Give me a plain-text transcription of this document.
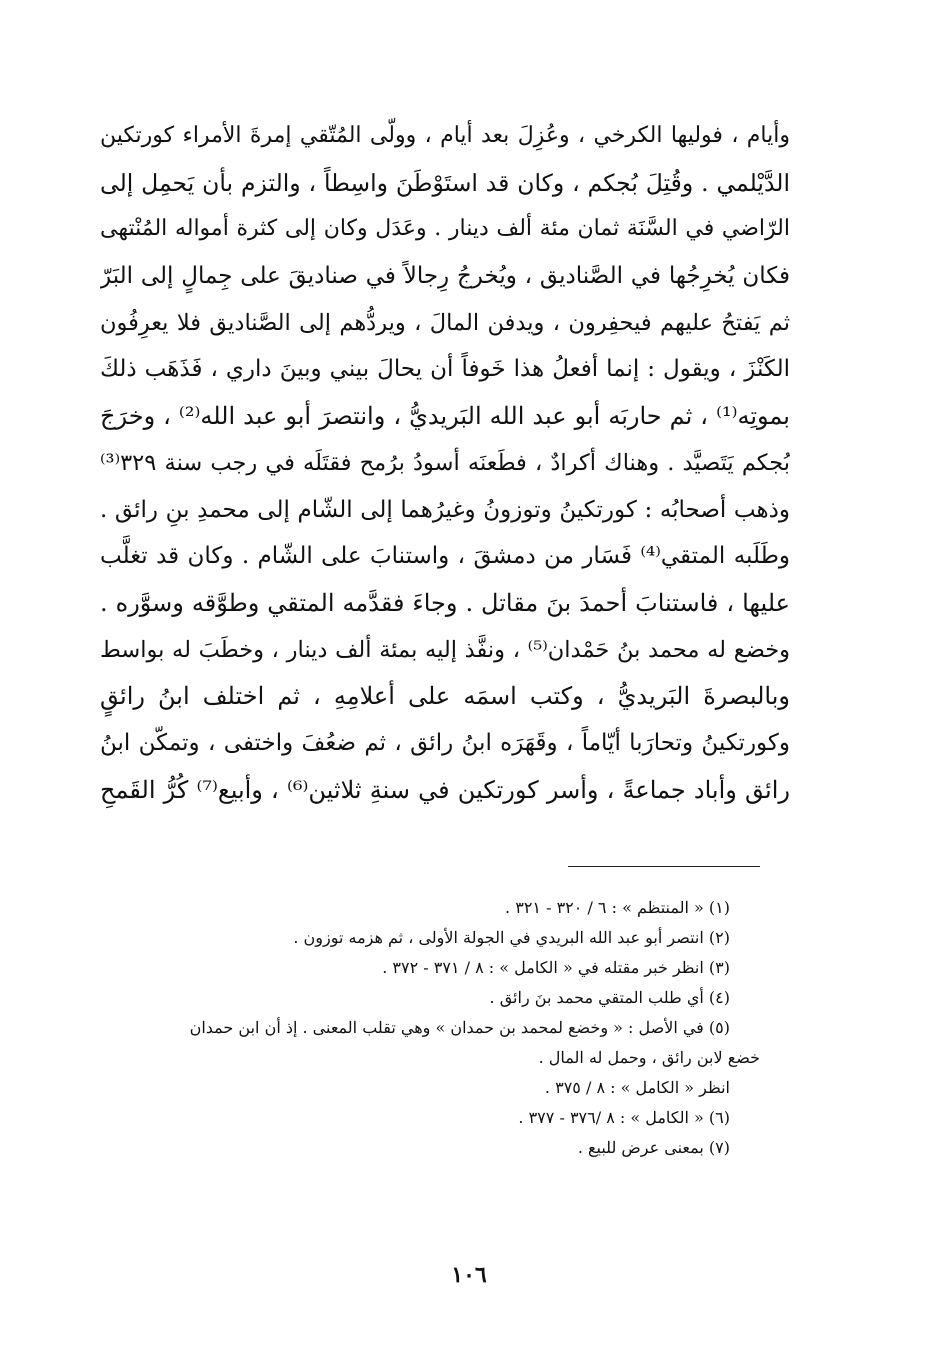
وأيام ، فوليها الكرخي ، وعُزِلَ بعد أيام ، وولّى المُتّقي إمرةَ الأمراء كورتكين
الدَّيْلمي . وقُتِلَ بُجكم ، وكان قد استَوْطَنَ واسِطاً ، والتزم بأن يَحمِل إلى
الرّاضي في السَّنَة ثمان مئة ألف دينار . وعَدَل وكان إلى كثرة أمواله المُنْتهى
فكان يُخرِجُها في الصَّناديق ، ويُخرجُ رِجالاً في صناديقَ على جِمالٍ إلى البَرّ
ثم يَفتحُ عليهم فيحفِرون ، ويدفن المالَ ، ويردُّهم إلى الصَّناديق فلا يعرِفُون
الكَنْزَ ، ويقول : إنما أفعلُ هذا خَوفاً أن يحالَ بيني وبينَ داري ، فَذَهَب ذلكَ
بموتِه⁽¹⁾ ، ثم حاربَه أبو عبد الله البَريديُّ ، وانتصرَ أبو عبد الله⁽²⁾ ، وخرَجَ
بُجكم يَتَصيَّد . وهناك أكرادٌ ، فطَعنَه أسودُ برُمح فقتَلَه في رجب سنة ٣٢٩⁽³⁾
وذهب أصحابُه : كورتكينُ وتوزونُ وغيرُهما إلى الشّام إلى محمدِ بنِ رائق .
وطَلَبه المتقي⁽⁴⁾ فَسَار من دمشقَ ، واستنابَ على الشّام . وكان قد تغلَّب
عليها ، فاستنابَ أحمدَ بنَ مقاتل . وجاءَ فقدَّمه المتقي وطوَّقه وسوَّره .
وخضع له محمد بنُ حَمْدان⁽⁵⁾ ، ونفَّذ إليه بمئة ألف دينار ، وخطَبَ له بواسط
وبالبصرةَ البَريديُّ ، وكتب اسمَه على أعلامِهِ ، ثم اختلف ابنُ رائقٍ
وكورتكينُ وتحارَبا أيّاماً ، وقَهَرَه ابنُ رائق ، ثم ضعُفَ واختفى ، وتمكّن ابنُ
رائق وأباد جماعةً ، وأسر كورتكين في سنةِ ثلاثين⁽⁶⁾ ، وأبيع⁽⁷⁾ كُرُّ القَمحِ
(١) « المنتظم » : ٦ / ٣٢٠ - ٣٢١ .
(٢) انتصر أبو عبد الله البريدي في الجولة الأولى ، ثم هزمه توزون .
(٣) انظر خبر مقتله في « الكامل » : ٨ / ٣٧١ - ٣٧٢ .
(٤) أي طلب المتقي محمد بنَ رائق .
(٥) في الأصل : « وخضع لمحمد بن حمدان » وهي تقلب المعنى . إذ أن ابن حمدان
خضع لابن رائق ، وحمل له المال .
انظر « الكامل » : ٨ / ٣٧٥ .
(٦) « الكامل » : ٨ /٣٧٦ - ٣٧٧ .
(٧) بمعنى عرض للبيع .
١٠٦
